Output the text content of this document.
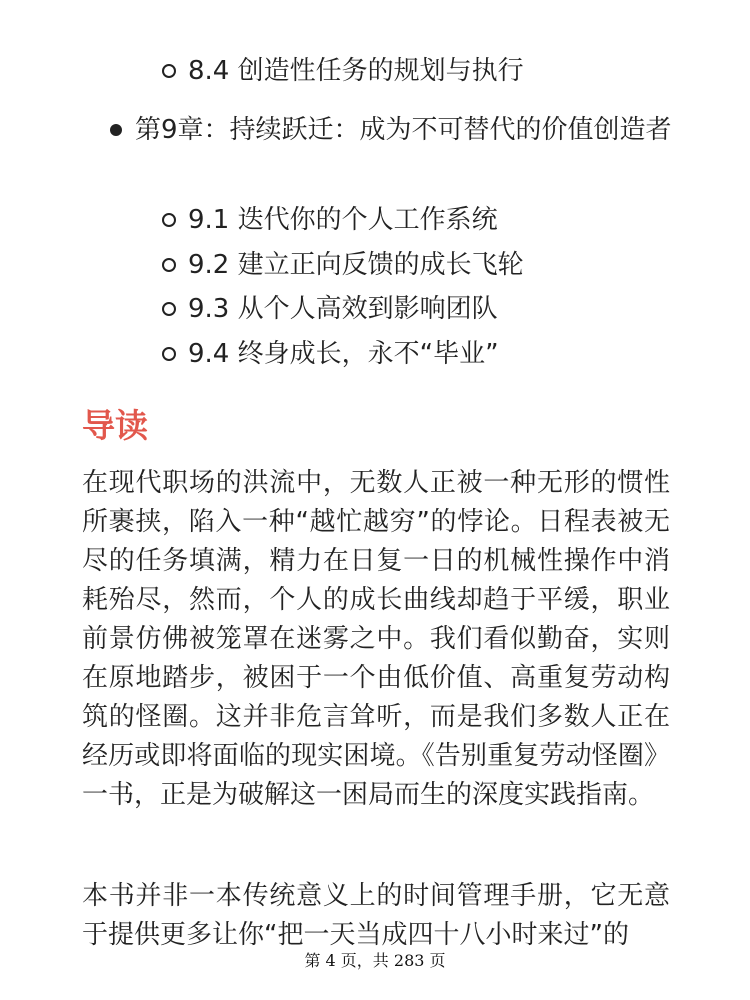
8.4 创造性任务的规划与执行
第9章：持续跃迁：成为不可替代的价值创造者
9.1 迭代你的个人工作系统
9.2 建立正向反馈的成长飞轮
9.3 从个人高效到影响团队
9.4 终身成长，永不“毕业”
导读

在现代职场的洪流中，无数人正被一种无形的惯性所裹挟，陷入一种“越忙越穷”的悖论。日程表被无尽的任务填满，精力在日复一日的机械性操作中消耗殆尽，然而，个人的成长曲线却趋于平缓，职业前景仿佛被笼罩在迷雾之中。我们看似勤奋，实则在原地踏步，被困于一个由低价值、高重复劳动构筑的怪圈。这并非危言耸听，而是我们多数人正在经历或即将面临的现实困境。《告别重复劳动怪圈》一书，正是为破解这一困局而生的深度实践指南。

本书并非一本传统意义上的时间管理手册，它无意于提供更多让你“把一天当成四十八小时来过”的

第 4 页，共 283 页
